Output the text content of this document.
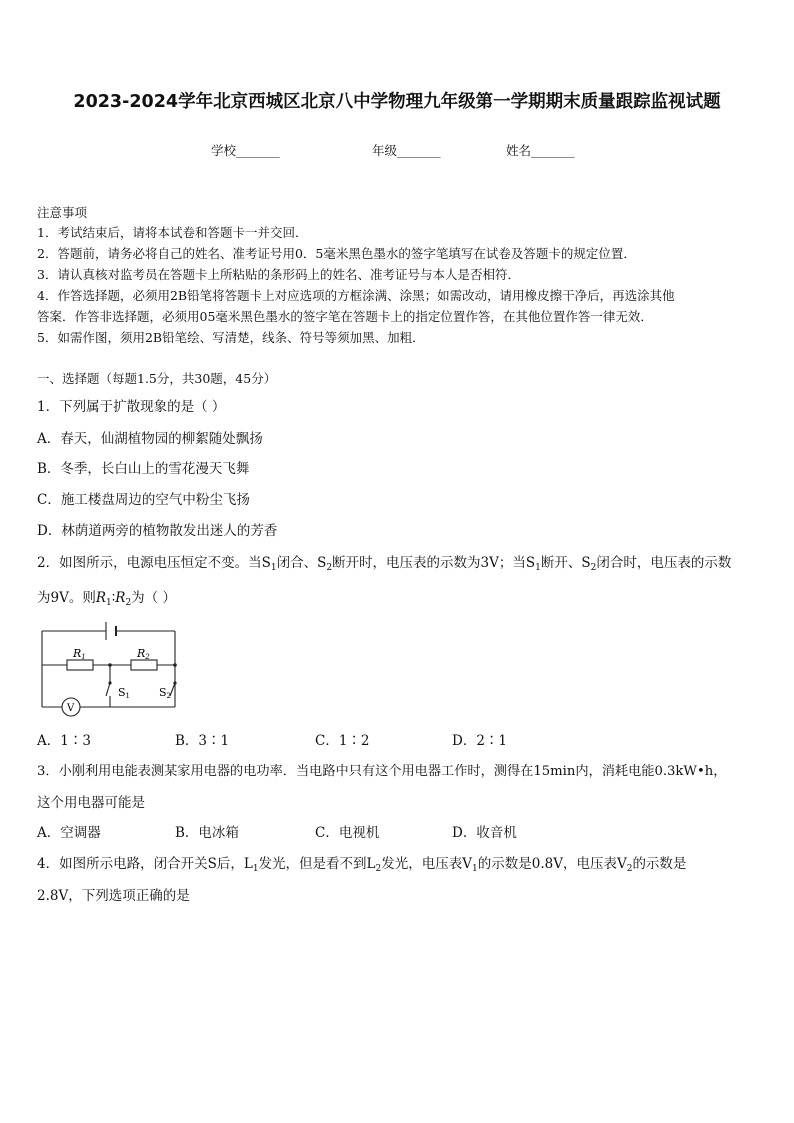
2023-2024学年北京西城区北京八中学物理九年级第一学期期末质量跟踪监视试题
学校_______	年级_______	姓名_______
注意事项
1．考试结束后，请将本试卷和答题卡一并交回．
2．答题前，请务必将自己的姓名、准考证号用0．5毫米黑色墨水的签字笔填写在试卷及答题卡的规定位置．
3．请认真核对监考员在答题卡上所粘贴的条形码上的姓名、准考证号与本人是否相符．
4．作答选择题，必须用2B铅笔将答题卡上对应选项的方框涂满、涂黑；如需改动，请用橡皮擦干净后，再选涂其他
答案．作答非选择题，必须用05毫米黑色墨水的签字笔在答题卡上的指定位置作答，在其他位置作答一律无效．
5．如需作图，须用2B铅笔绘、写清楚，线条、符号等须加黑、加粗．
一、选择题（每题1.5分，共30题，45分）
1．下列属于扩散现象的是（ ）
A．春天，仙湖植物园的柳絮随处飘扬
B．冬季，长白山上的雪花漫天飞舞
C．施工楼盘周边的空气中粉尘飞扬
D．林荫道两旁的植物散发出迷人的芳香
2．如图所示，电源电压恒定不变。当$S_1$闭合、$S_2$断开时，电压表的示数为3V；当$S_1$断开、$S_2$闭合时，电压表的示数
为9V。则$R_1∶R_2$为（ ）
R1	R2
S1	S2
V
A．1∶3	B．3∶1	C．1∶2	D．2∶1
3．小刚利用电能表测某家用电器的电功率．当电路中只有这个用电器工作时，测得在15min内，消耗电能0.3kW•h，
这个用电器可能是
A．空调器	B．电冰箱	C．电视机	D．收音机
4．如图所示电路，闭合开关S后，$L_1$发光，但是看不到$L_2$发光，电压表$V_1$的示数是0.8V，电压表$V_2$的示数是
2.8V，下列选项正确的是
